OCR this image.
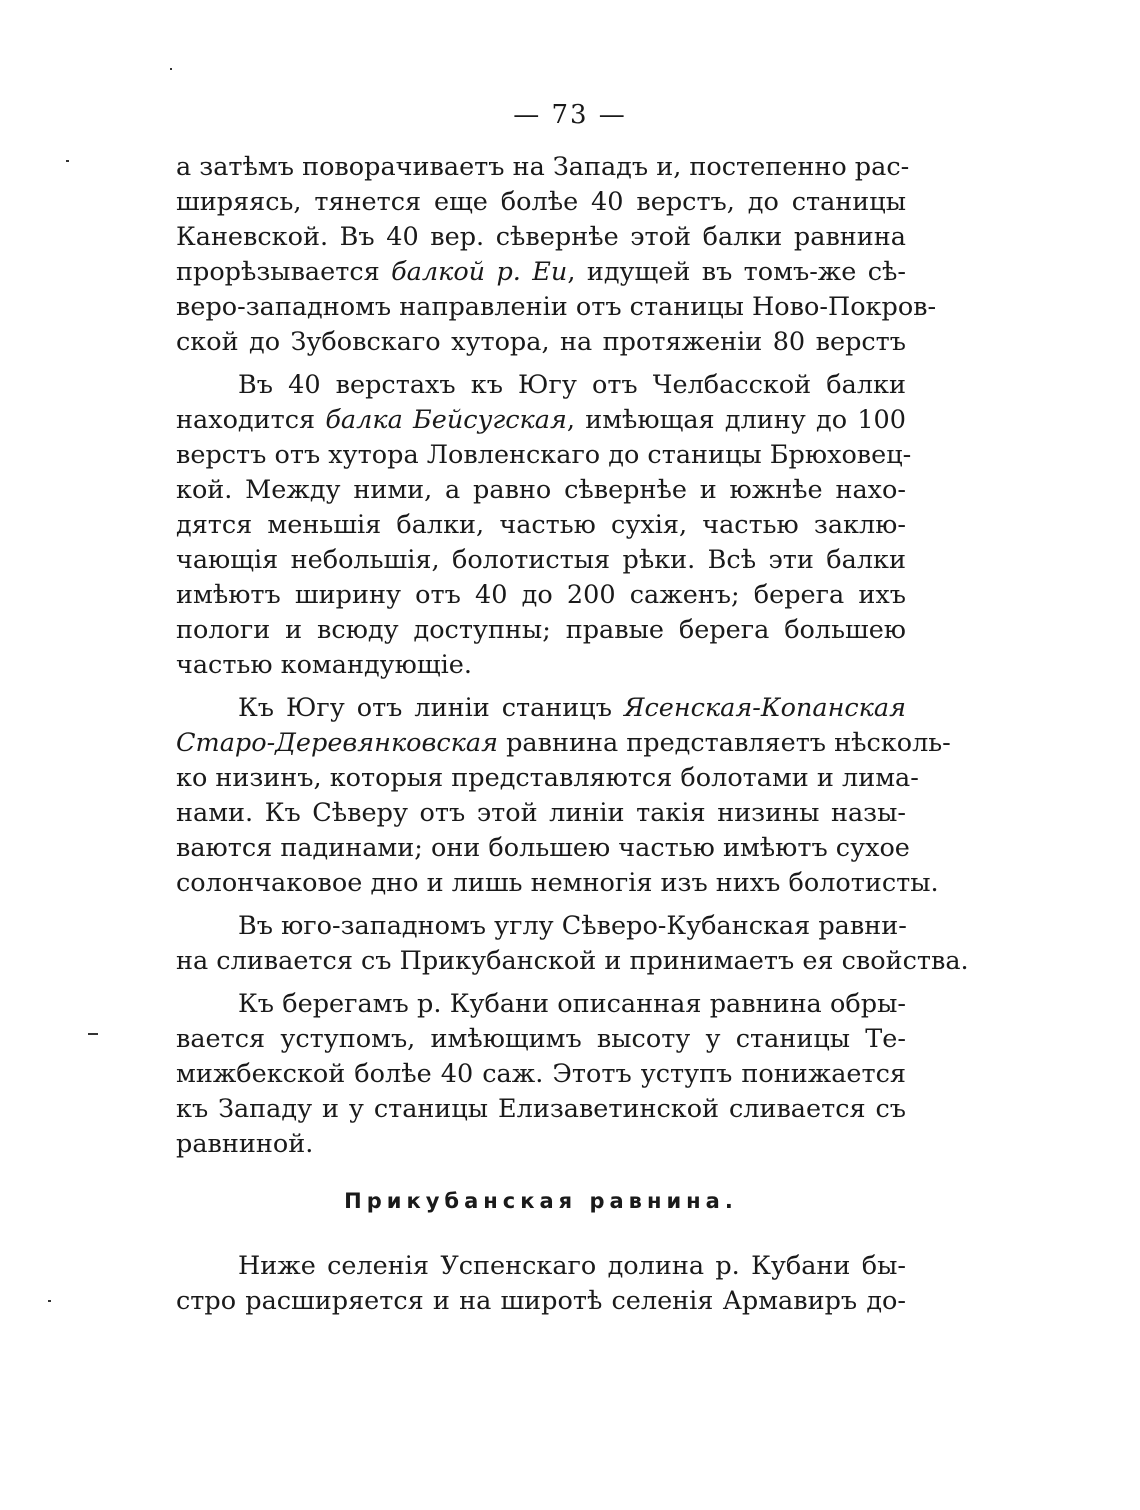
— 73 —
а затѣмъ поворачиваетъ на Западъ и, постепенно рас-
ширяясь, тянется еще болѣе 40 верстъ, до станицы
Каневской. Въ 40 вер. сѣвернѣе этой балки равнина
прорѣзывается балкой р. Еи, идущей въ томъ-же сѣ-
веро-западномъ направленiи отъ станицы Ново-Покров-
ской до Зубовскаго хутора, на протяженiи 80 верстъ
Въ 40 верстахъ къ Югу отъ Челбасской балки
находится балка Бейсугская, имѣющая длину до 100
верстъ отъ хутора Ловленскаго до станицы Брюховец-
кой. Между ними, а равно сѣвернѣе и южнѣе нахо-
дятся меньшiя балки, частью сухiя, частью заклю-
чающiя небольшiя, болотистыя рѣки. Всѣ эти балки
имѣютъ ширину отъ 40 до 200 саженъ; берега ихъ
пологи и всюду доступны; правые берега большею
частью командующiе.
Къ Югу отъ линiи станицъ Ясенская-Копанская
Старо-Деревянковская равнина представляетъ нѣсколь-
ко низинъ, которыя представляются болотами и лима-
нами. Къ Сѣверу отъ этой линiи такiя низины назы-
ваются падинами; они большею частью имѣютъ сухое
солончаковое дно и лишь немногiя изъ нихъ болотисты.
Въ юго-западномъ углу Сѣверо-Кубанская равни-
на сливается съ Прикубанской и принимаетъ ея свойства.
Къ берегамъ р. Кубани описанная равнина обры-
вается уступомъ, имѣющимъ высоту у станицы Те-
мижбекской болѣе 40 саж. Этотъ уступъ понижается
къ Западу и у станицы Елизаветинской сливается съ
равниной.
Прикубанская равнина.
Ниже селенiя Успенскаго долина р. Кубани бы-
стро расширяется и на широтѣ селенiя Армавиръ до-
